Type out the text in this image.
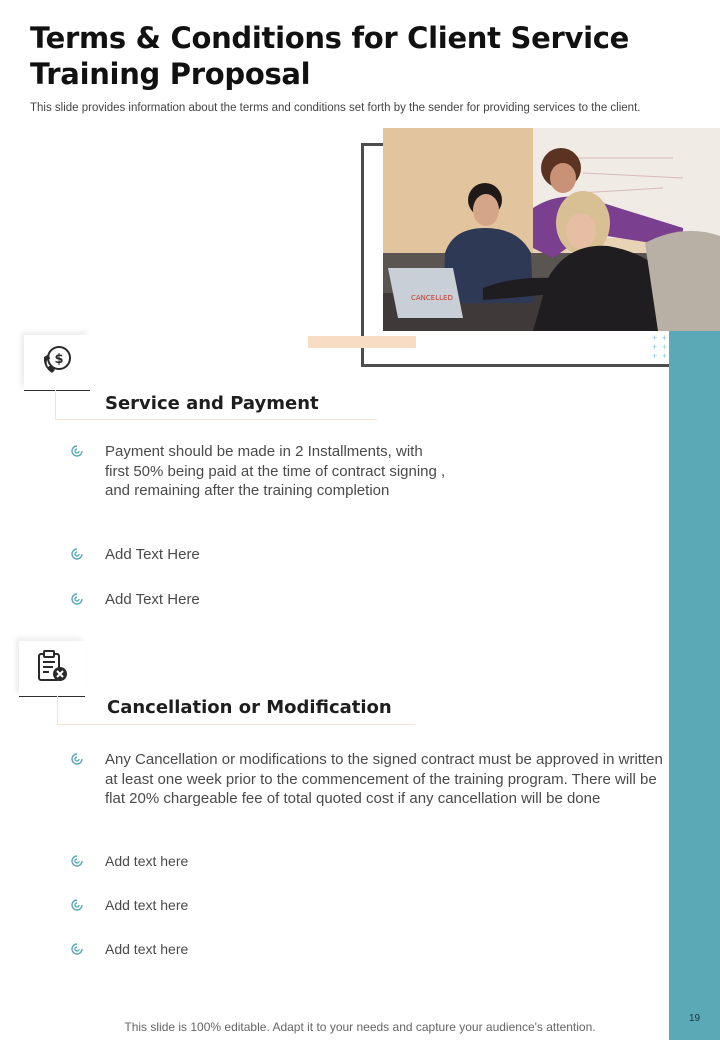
Terms & Conditions for Client Service Training Proposal
This slide provides information about the terms and conditions set forth by the sender for providing services to the client.
CANCELLED
+ +
+ +
+ +
19
$
Service and Payment
Payment should be made in 2 Installments, with first 50% being paid at the time of contract signing , and remaining after the training completion
Add Text Here
Add Text Here
Cancellation or Modification
Any Cancellation or modifications to the signed contract must be approved in written at least one week prior to the commencement of the training program. There will be flat 20% chargeable fee of total quoted cost if any cancellation will be done
Add text here
Add text here
Add text here
This slide is 100% editable. Adapt it to your needs and capture your audience's attention.
